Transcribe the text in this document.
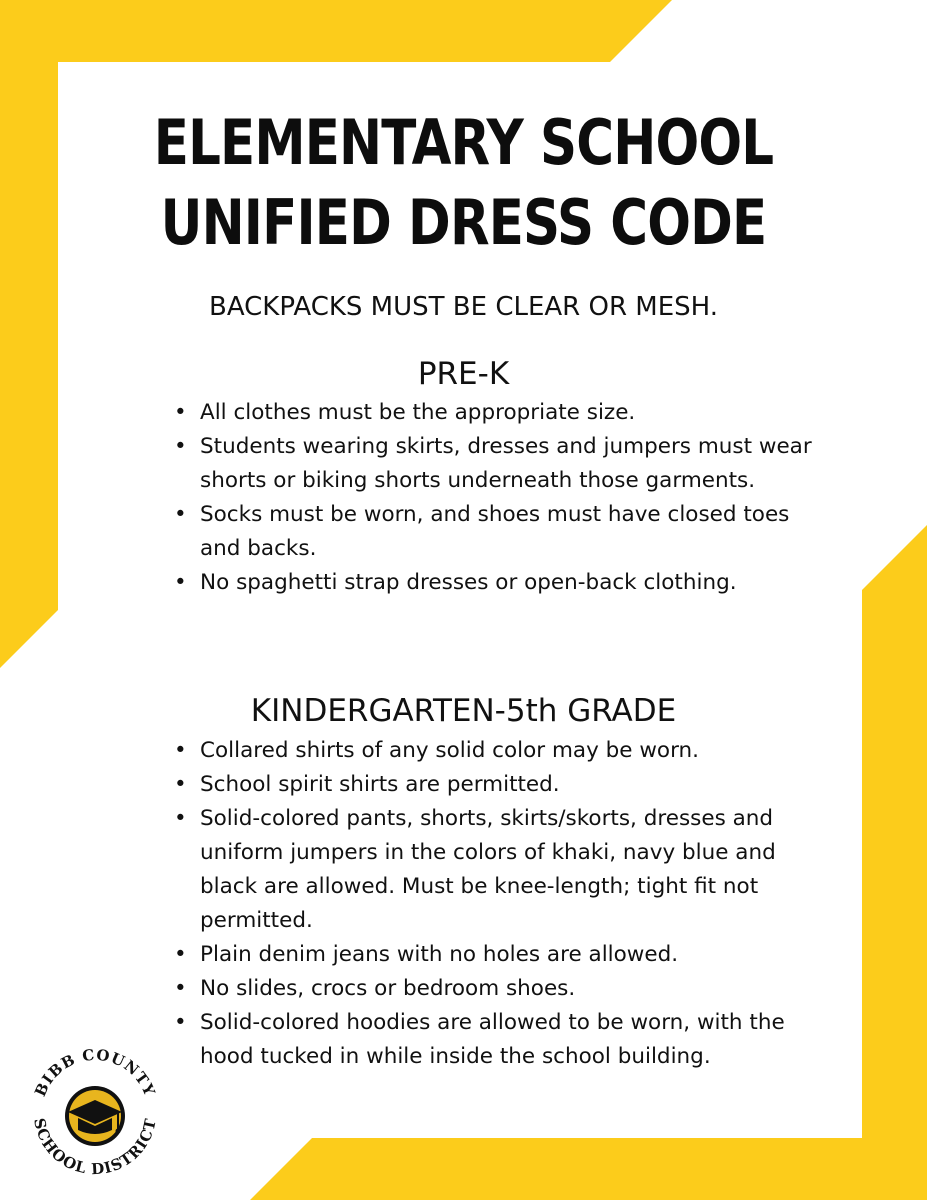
ELEMENTARY SCHOOL
UNIFIED DRESS CODE
BACKPACKS MUST BE CLEAR OR MESH.
PRE-K
• All clothes must be the appropriate size.
• Students wearing skirts, dresses and jumpers must wear shorts or biking shorts underneath those garments.
• Socks must be worn, and shoes must have closed toes and backs.
• No spaghetti strap dresses or open-back clothing.
KINDERGARTEN-5th GRADE
• Collared shirts of any solid color may be worn.
• School spirit shirts are permitted.
• Solid-colored pants, shorts, skirts/skorts, dresses and uniform jumpers in the colors of khaki, navy blue and black are allowed. Must be knee-length; tight fit not permitted.
• Plain denim jeans with no holes are allowed.
• No slides, crocs or bedroom shoes.
• Solid-colored hoodies are allowed to be worn, with the hood tucked in while inside the school building.
BIBB COUNTY
SCHOOL DISTRICT
